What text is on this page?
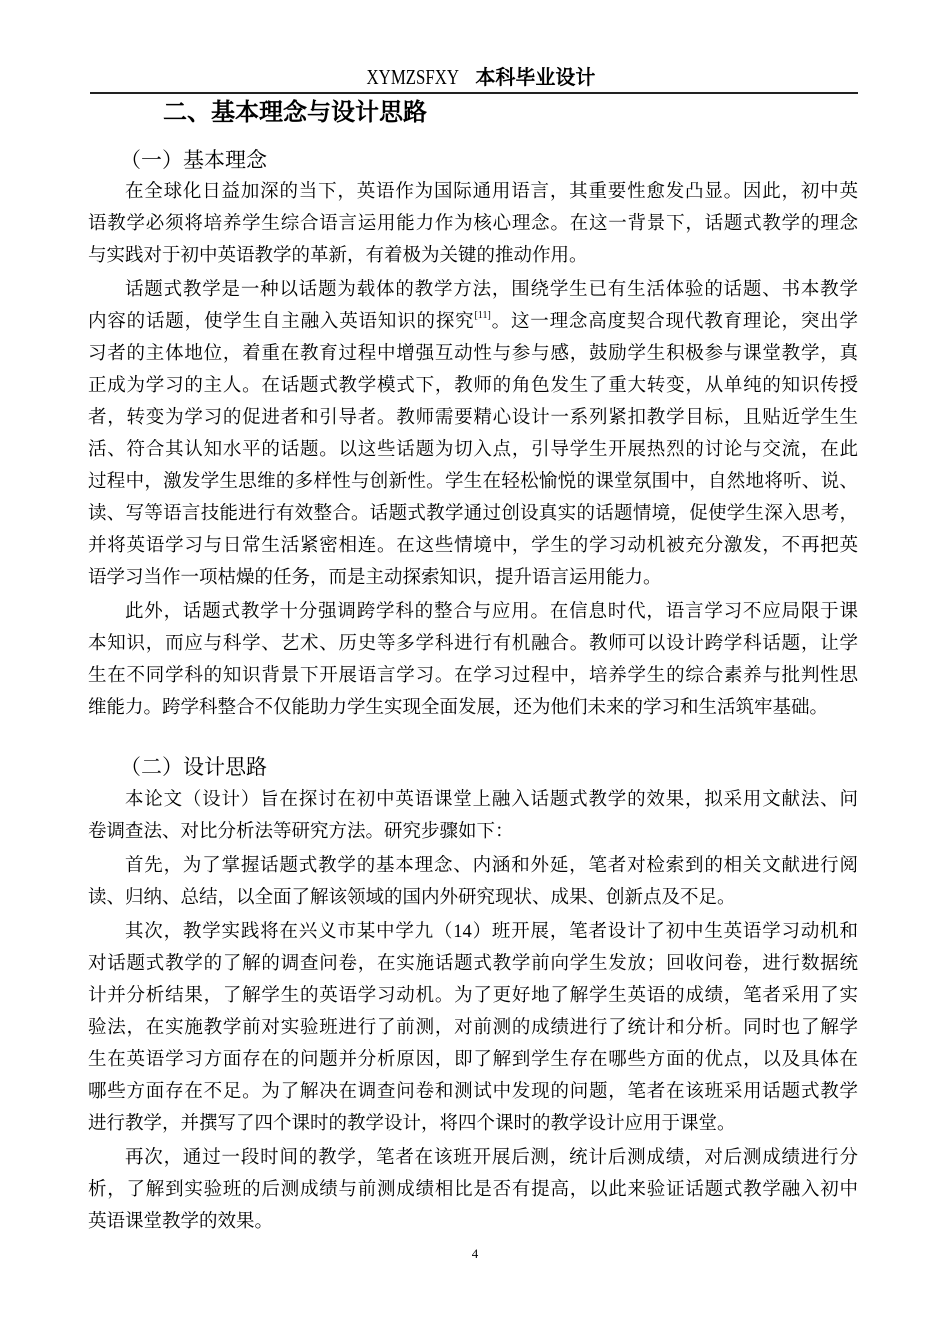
XYMZSFXY 本科毕业设计
二、基本理念与设计思路
（一）基本理念
在全球化日益加深的当下，英语作为国际通用语言，其重要性愈发凸显。因此，初中英
语教学必须将培养学生综合语言运用能力作为核心理念。在这一背景下，话题式教学的理念
与实践对于初中英语教学的革新，有着极为关键的推动作用。
话题式教学是一种以话题为载体的教学方法，围绕学生已有生活体验的话题、书本教学
内容的话题，使学生自主融入英语知识的探究[11]。这一理念高度契合现代教育理论，突出学
习者的主体地位，着重在教育过程中增强互动性与参与感，鼓励学生积极参与课堂教学，真
正成为学习的主人。在话题式教学模式下，教师的角色发生了重大转变，从单纯的知识传授
者，转变为学习的促进者和引导者。教师需要精心设计一系列紧扣教学目标，且贴近学生生
活、符合其认知水平的话题。以这些话题为切入点，引导学生开展热烈的讨论与交流，在此
过程中，激发学生思维的多样性与创新性。学生在轻松愉悦的课堂氛围中，自然地将听、说、
读、写等语言技能进行有效整合。话题式教学通过创设真实的话题情境，促使学生深入思考，
并将英语学习与日常生活紧密相连。在这些情境中，学生的学习动机被充分激发，不再把英
语学习当作一项枯燥的任务，而是主动探索知识，提升语言运用能力。
此外，话题式教学十分强调跨学科的整合与应用。在信息时代，语言学习不应局限于课
本知识，而应与科学、艺术、历史等多学科进行有机融合。教师可以设计跨学科话题，让学
生在不同学科的知识背景下开展语言学习。在学习过程中，培养学生的综合素养与批判性思
维能力。跨学科整合不仅能助力学生实现全面发展，还为他们未来的学习和生活筑牢基础。
（二）设计思路
本论文（设计）旨在探讨在初中英语课堂上融入话题式教学的效果，拟采用文献法、问
卷调查法、对比分析法等研究方法。研究步骤如下：
首先，为了掌握话题式教学的基本理念、内涵和外延，笔者对检索到的相关文献进行阅
读、归纳、总结，以全面了解该领域的国内外研究现状、成果、创新点及不足。
其次，教学实践将在兴义市某中学九（14）班开展，笔者设计了初中生英语学习动机和
对话题式教学的了解的调查问卷，在实施话题式教学前向学生发放；回收问卷，进行数据统
计并分析结果，了解学生的英语学习动机。为了更好地了解学生英语的成绩，笔者采用了实
验法，在实施教学前对实验班进行了前测，对前测的成绩进行了统计和分析。同时也了解学
生在英语学习方面存在的问题并分析原因，即了解到学生存在哪些方面的优点，以及具体在
哪些方面存在不足。为了解决在调查问卷和测试中发现的问题，笔者在该班采用话题式教学
进行教学，并撰写了四个课时的教学设计，将四个课时的教学设计应用于课堂。
再次，通过一段时间的教学，笔者在该班开展后测，统计后测成绩，对后测成绩进行分
析，了解到实验班的后测成绩与前测成绩相比是否有提高，以此来验证话题式教学融入初中
英语课堂教学的效果。
4
